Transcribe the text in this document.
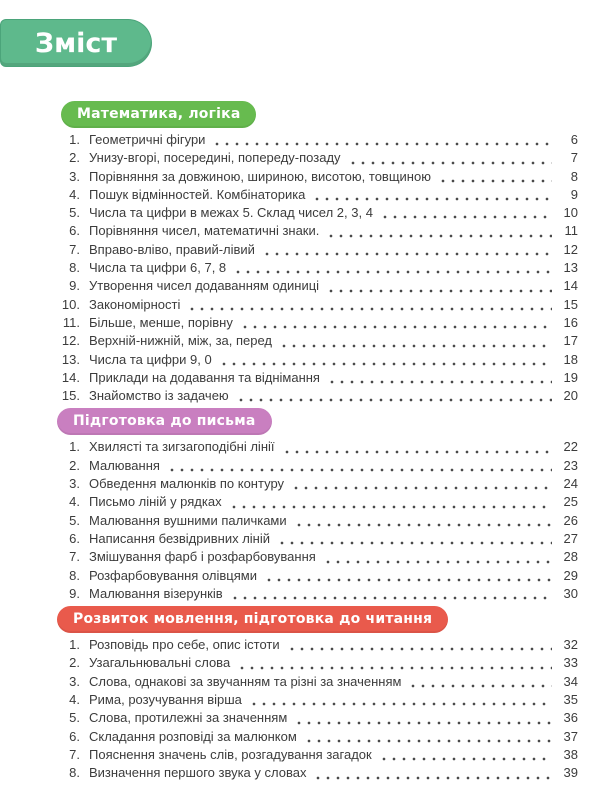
Зміст
Математика, логіка
1. Геометричні фігури	6
2. Унизу-вгорі, посередині, попереду-позаду	7
3. Порівняння за довжиною, шириною, висотою, товщиною	8
4. Пошук відмінностей. Комбінаторика	9
5. Числа та цифри в межах 5. Склад чисел 2, 3, 4	10
6. Порівняння чисел, математичні знаки.	11
7. Вправо-вліво, правий-лівий	12
8. Числа та цифри 6, 7, 8	13
9. Утворення чисел додаванням одиниці	14
10. Закономірності	15
11. Більше, менше, порівну	16
12. Верхній-нижній, між, за, перед	17
13. Числа та цифри 9, 0	18
14. Приклади на додавання та віднімання	19
15. Знайомство із задачею	20
Підготовка до письма
1. Хвилясті та зигзагоподібні лінії	22
2. Малювання	23
3. Обведення малюнків по контуру	24
4. Письмо ліній у рядках	25
5. Малювання вушними паличками	26
6. Написання безвідривних ліній	27
7. Змішування фарб і розфарбовування	28
8. Розфарбовування олівцями	29
9. Малювання візерунків	30
Розвиток мовлення, підготовка до читання
1. Розповідь про себе, опис істоти	32
2. Узагальнювальні слова	33
3. Слова, однакові за звучанням та різні за значенням	34
4. Рима, розучування вірша	35
5. Слова, протилежні за значенням	36
6. Складання розповіді за малюнком	37
7. Пояснення значень слів, розгадування загадок	38
8. Визначення першого звука у словах	39
